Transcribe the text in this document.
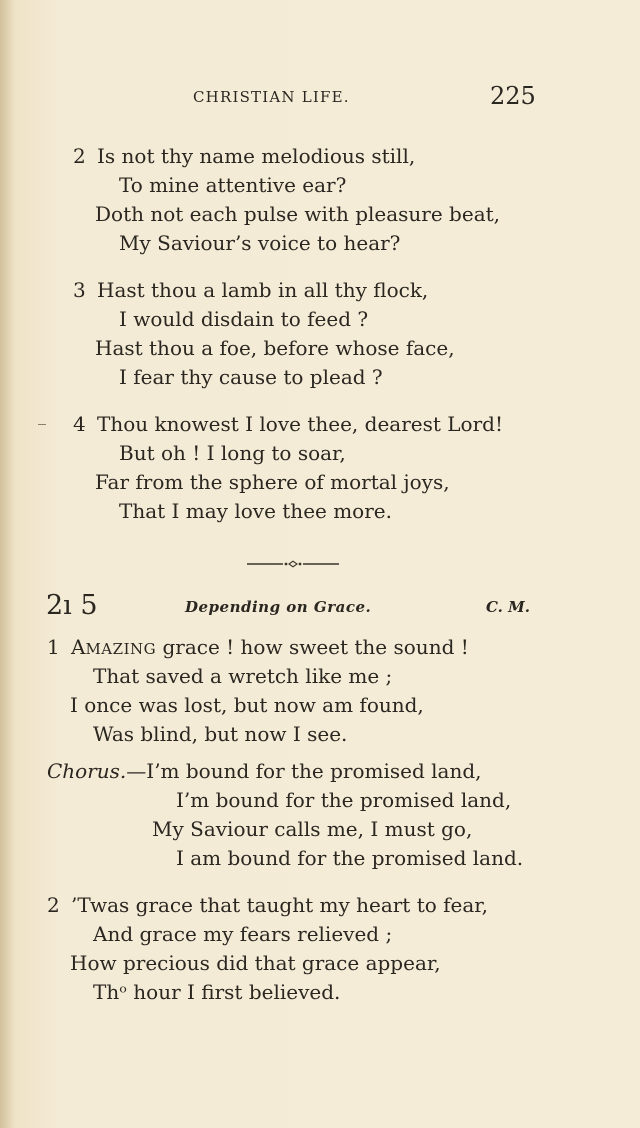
CHRISTIAN LIFE.	225
2 Is not thy name melodious still,
To mine attentive ear?
Doth not each pulse with pleasure beat,
My Saviour’s voice to hear?
3 Hast thou a lamb in all thy flock,
I would disdain to feed ?
Hast thou a foe, before whose face,
I fear thy cause to plead ?
4 Thou knowest I love thee, dearest Lord!
But oh ! I long to soar,
Far from the sphere of mortal joys,
That I may love thee more.
2ı 5	Depending on Grace.	C. M.
1 AMAZING grace ! how sweet the sound !
That saved a wretch like me ;
I once was lost, but now am found,
Was blind, but now I see.
Chorus.—I’m bound for the promised land,
I’m bound for the promised land,
My Saviour calls me, I must go,
I am bound for the promised land.
2 ’Twas grace that taught my heart to fear,
And grace my fears relieved ;
How precious did that grace appear,
Thᵒ hour I first believed.
